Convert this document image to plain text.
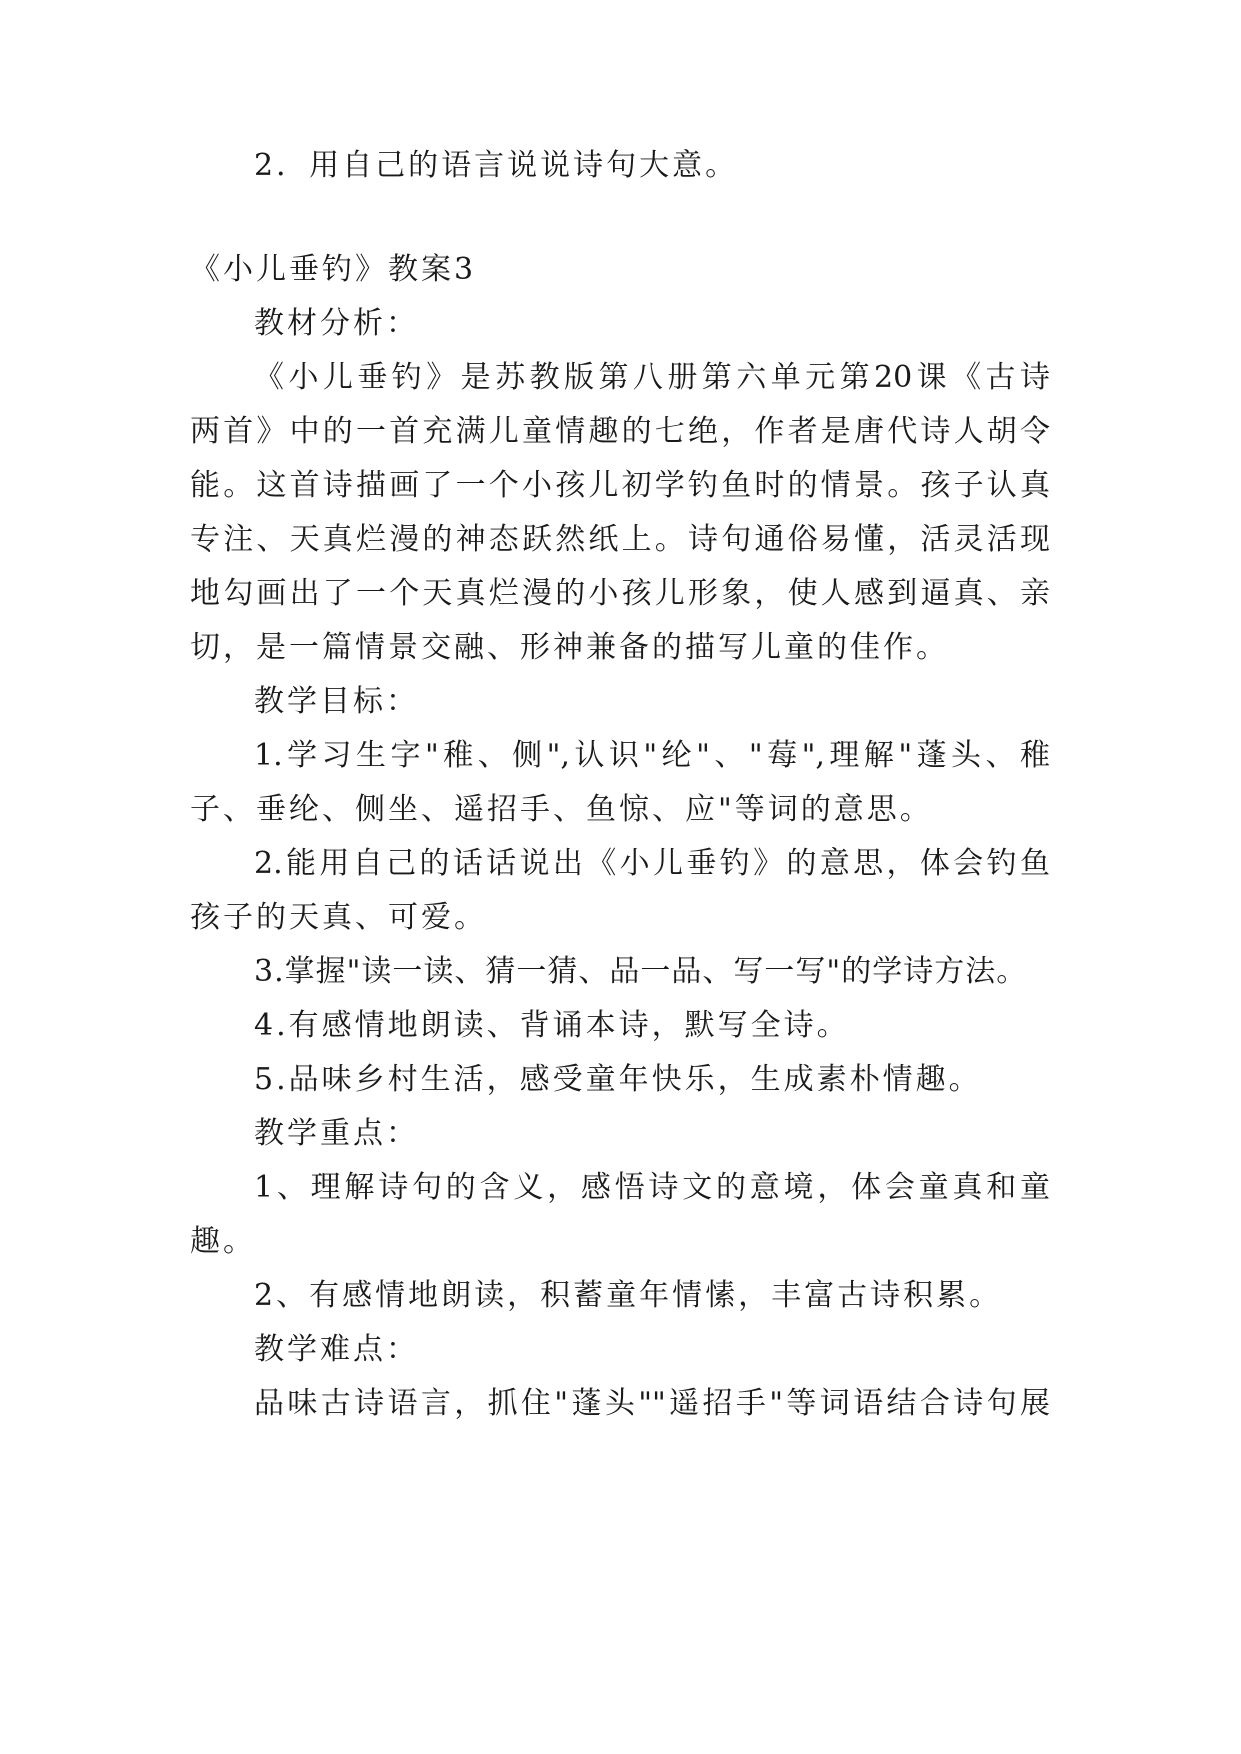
2．用自己的语言说说诗句大意。
《小儿垂钓》教案3
教材分析：
《小儿垂钓》是苏教版第八册第六单元第20课《古诗
两首》中的一首充满儿童情趣的七绝，作者是唐代诗人胡令
能。这首诗描画了一个小孩儿初学钓鱼时的情景。孩子认真
专注、天真烂漫的神态跃然纸上。诗句通俗易懂，活灵活现
地勾画出了一个天真烂漫的小孩儿形象，使人感到逼真、亲
切，是一篇情景交融、形神兼备的描写儿童的佳作。
教学目标：
1.学习生字"稚、侧",认识"纶"、"莓",理解"蓬头、稚
子、垂纶、侧坐、遥招手、鱼惊、应"等词的意思。
2.能用自己的话话说出《小儿垂钓》的意思，体会钓鱼
孩子的天真、可爱。
3.掌握"读一读、猜一猜、品一品、写一写"的学诗方法。
4.有感情地朗读、背诵本诗，默写全诗。
5.品味乡村生活，感受童年快乐，生成素朴情趣。
教学重点：
1、理解诗句的含义，感悟诗文的意境，体会童真和童
趣。
2、有感情地朗读，积蓄童年情愫，丰富古诗积累。
教学难点：
品味古诗语言，抓住"蓬头""遥招手"等词语结合诗句展
